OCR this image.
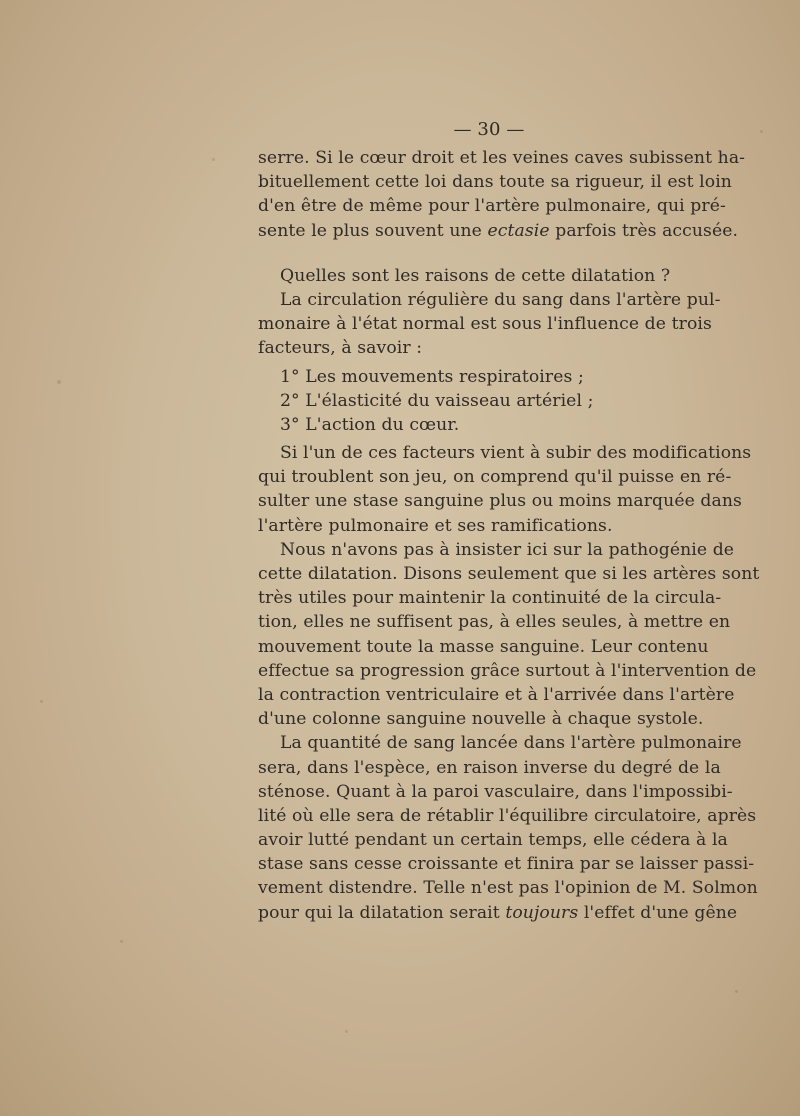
— 30 —
serre. Si le cœur droit et les veines caves subissent ha-
bituellement cette loi dans toute sa rigueur, il est loin
d'en être de même pour l'artère pulmonaire, qui pré-
sente le plus souvent une ectasie parfois très accusée.
Quelles sont les raisons de cette dilatation ?
La circulation régulière du sang dans l'artère pul-
monaire à l'état normal est sous l'influence de trois
facteurs, à savoir :
1° Les mouvements respiratoires ;
2° L'élasticité du vaisseau artériel ;
3° L'action du cœur.
Si l'un de ces facteurs vient à subir des modifications
qui troublent son jeu, on comprend qu'il puisse en ré-
sulter une stase sanguine plus ou moins marquée dans
l'artère pulmonaire et ses ramifications.
Nous n'avons pas à insister ici sur la pathogénie de
cette dilatation. Disons seulement que si les artères sont
très utiles pour maintenir la continuité de la circula-
tion, elles ne suffisent pas, à elles seules, à mettre en
mouvement toute la masse sanguine. Leur contenu
effectue sa progression grâce surtout à l'intervention de
la contraction ventriculaire et à l'arrivée dans l'artère
d'une colonne sanguine nouvelle à chaque systole.
La quantité de sang lancée dans l'artère pulmonaire
sera, dans l'espèce, en raison inverse du degré de la
sténose. Quant à la paroi vasculaire, dans l'impossibi-
lité où elle sera de rétablir l'équilibre circulatoire, après
avoir lutté pendant un certain temps, elle cédera à la
stase sans cesse croissante et finira par se laisser passi-
vement distendre. Telle n'est pas l'opinion de M. Solmon
pour qui la dilatation serait toujours l'effet d'une gêne
